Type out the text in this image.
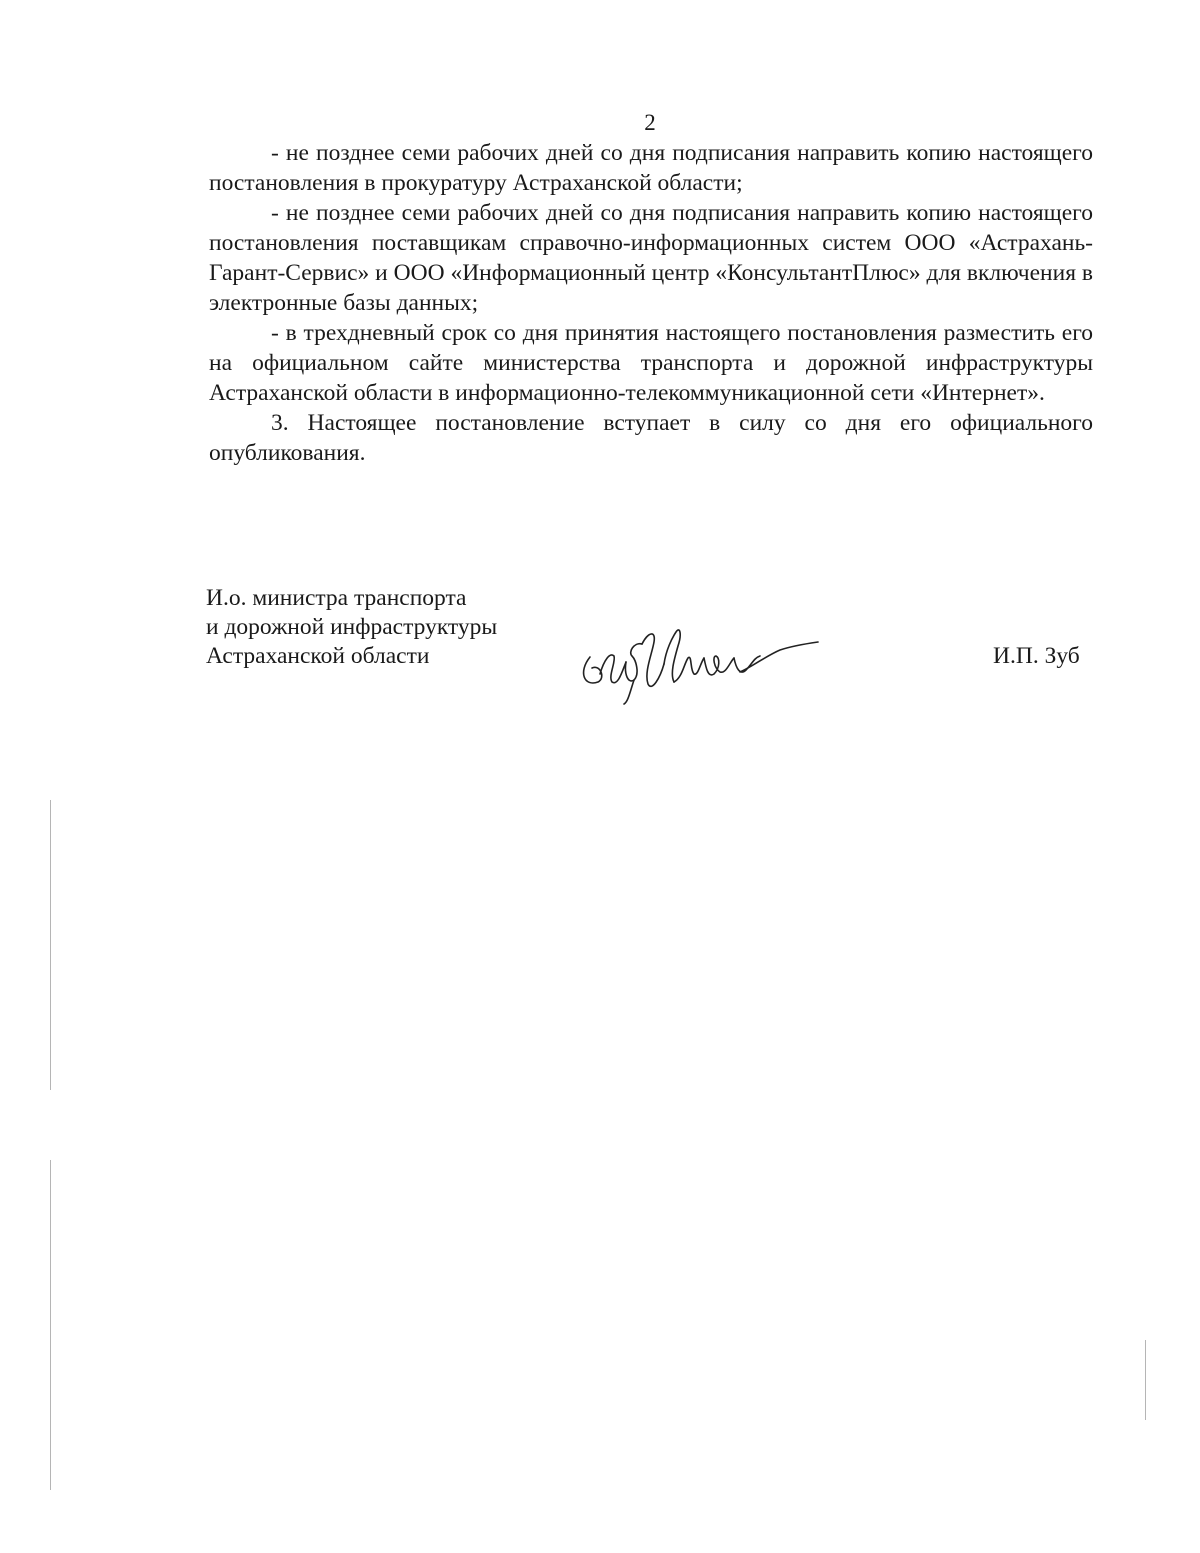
2

- не позднее семи рабочих дней со дня подписания направить копию настоящего постановления в прокуратуру Астраханской области;

- не позднее семи рабочих дней со дня подписания направить копию настоящего постановления поставщикам справочно-информационных систем ООО «Астрахань-Гарант-Сервис» и ООО «Информационный центр «КонсультантПлюс» для включения в электронные базы данных;

- в трехдневный срок со дня принятия настоящего постановления разместить его на официальном сайте министерства транспорта и дорожной инфраструктуры Астраханской области в информационно-телекоммуникационной сети «Интернет».

3. Настоящее постановление вступает в силу со дня его официального опубликования.

И.о. министра транспорта
и дорожной инфраструктуры
Астраханской области	И.П. Зуб
